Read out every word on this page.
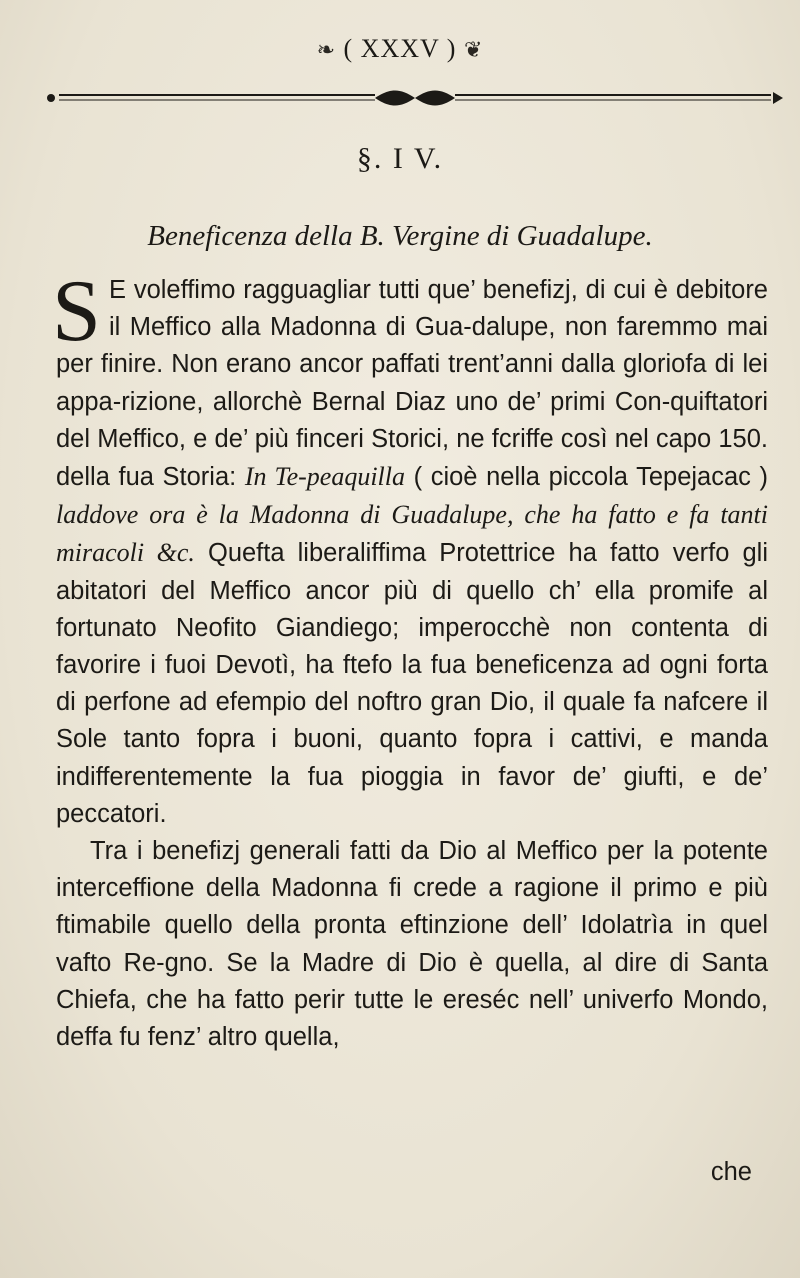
❧ ( XXXV ) ❦
§. I V.
Beneficenza della B. Vergine di Guadalupe.

S E voleffimo ragguagliar tutti que’ benefizj, di cui è debitore il Meffico alla Madonna di Gua-dalupe, non faremmo mai per finire. Non erano ancor paffati trent’anni dalla gloriofa di lei appa-rizione, allorchè Bernal Diaz uno de’ primi Con-quiftatori del Meffico, e de’ più finceri Storici, ne fcriffe così nel capo 150. della fua Storia: In Te-peaquilla ( cioè nella piccola Tepejacac ) laddove ora è la Madonna di Guadalupe, che ha fatto e fa tanti miracoli &c. Quefta liberaliffima Protettrice ha fatto verfo gli abitatori del Meffico ancor più di quello ch’ ella promife al fortunato Neofito Giandiego; imperocchè non contenta di favorire i fuoi Devotì, ha ftefo la fua beneficenza ad ogni forta di perfone ad efempio del noftro gran Dio, il quale fa nafcere il Sole tanto fopra i buoni, quanto fopra i cattivi, e manda indifferentemente la fua pioggia in favor de’ giufti, e de’ peccatori.

Tra i benefizj generali fatti da Dio al Meffico per la potente interceffione della Madonna fi crede a ragione il primo e più ftimabile quello della pronta eftinzione dell’ Idolatrìa in quel vafto Re-gno. Se la Madre di Dio è quella, al dire di Santa Chiefa, che ha fatto perir tutte le ereséc nell’ univerfo Mondo, deffa fu fenz’ altro quella,

che
